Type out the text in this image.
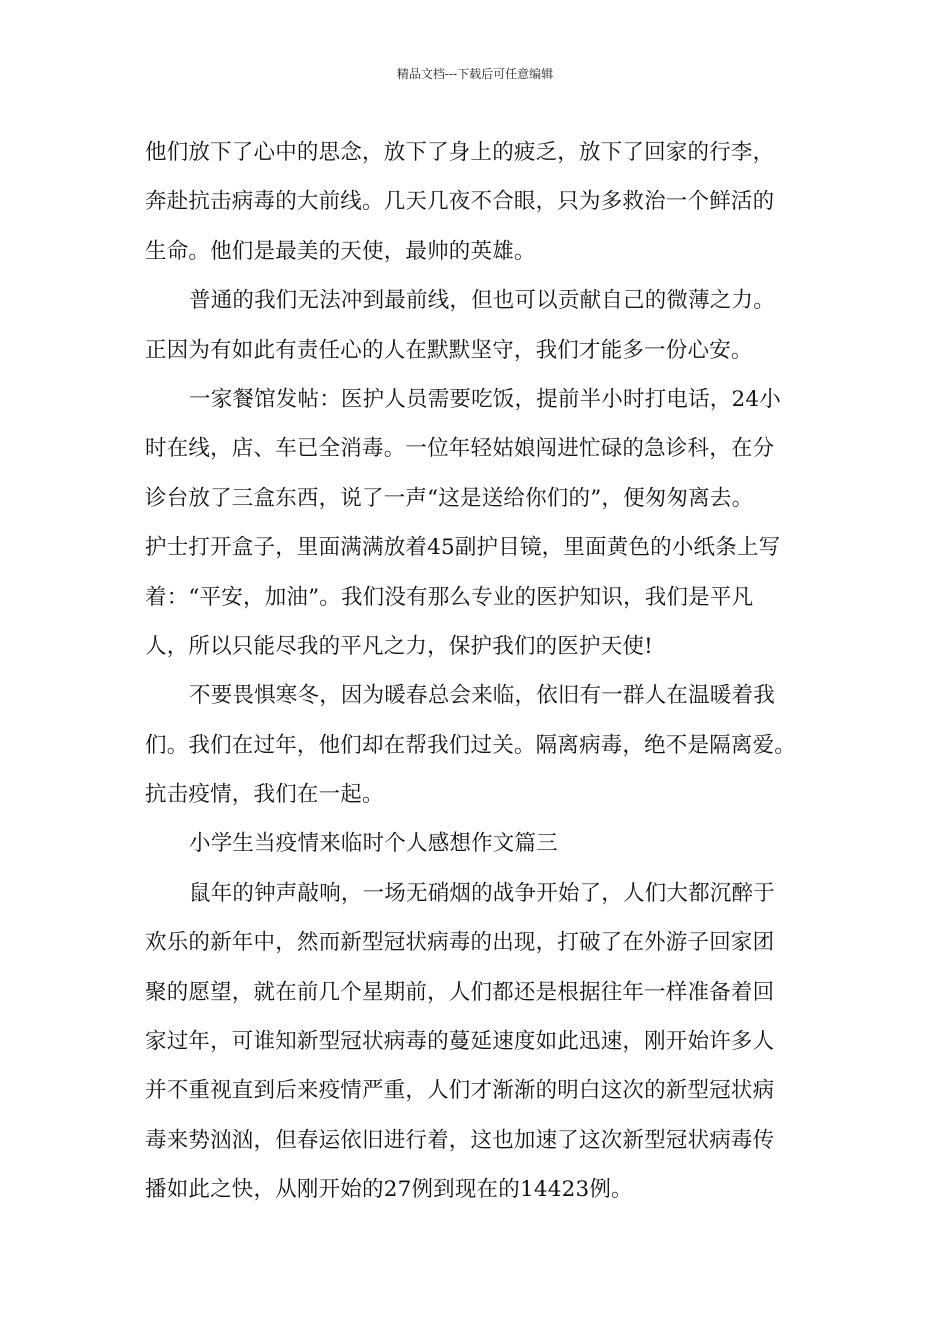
精品文档---下载后可任意编辑
他们放下了心中的思念，放下了身上的疲乏，放下了回家的行李，
奔赴抗击病毒的大前线。几天几夜不合眼，只为多救治一个鲜活的
生命。他们是最美的天使，最帅的英雄。
普通的我们无法冲到最前线，但也可以贡献自己的微薄之力。
正因为有如此有责任心的人在默默坚守，我们才能多一份心安。
一家餐馆发帖：医护人员需要吃饭，提前半小时打电话，24小
时在线，店、车已全消毒。一位年轻姑娘闯进忙碌的急诊科，在分
诊台放了三盒东西，说了一声“这是送给你们的”，便匆匆离去。
护士打开盒子，里面满满放着45副护目镜，里面黄色的小纸条上写
着：“平安，加油”。我们没有那么专业的医护知识，我们是平凡
人，所以只能尽我的平凡之力，保护我们的医护天使!
不要畏惧寒冬，因为暖春总会来临，依旧有一群人在温暖着我
们。我们在过年，他们却在帮我们过关。隔离病毒，绝不是隔离爱。
抗击疫情，我们在一起。
小学生当疫情来临时个人感想作文篇三
鼠年的钟声敲响，一场无硝烟的战争开始了，人们大都沉醉于
欢乐的新年中，然而新型冠状病毒的出现，打破了在外游子回家团
聚的愿望，就在前几个星期前，人们都还是根据往年一样准备着回
家过年，可谁知新型冠状病毒的蔓延速度如此迅速，刚开始许多人
并不重视直到后来疫情严重，人们才渐渐的明白这次的新型冠状病
毒来势汹汹，但春运依旧进行着，这也加速了这次新型冠状病毒传
播如此之快，从刚开始的27例到现在的14423例。
